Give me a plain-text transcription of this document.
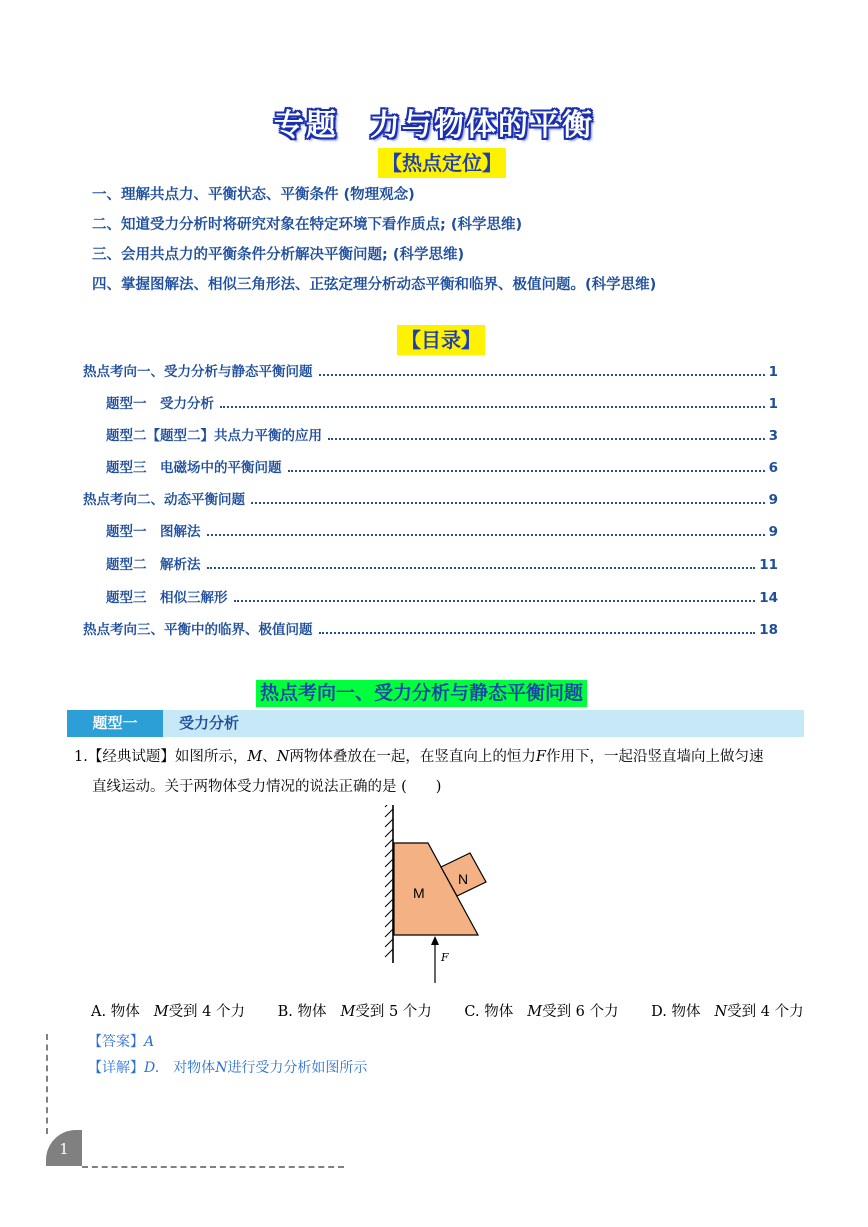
专题　力与物体的平衡
【热点定位】
一、理解共点力、平衡状态、平衡条件 (物理观念)
二、知道受力分析时将研究对象在特定环境下看作质点; (科学思维)
三、会用共点力的平衡条件分析解决平衡问题; (科学思维)
四、掌握图解法、相似三角形法、正弦定理分析动态平衡和临界、极值问题。(科学思维)
【目录】
热点考向一、受力分析与静态平衡问题	1
题型一　受力分析	1
题型二【题型二】共点力平衡的应用	3
题型三　电磁场中的平衡问题	6
热点考向二、动态平衡问题	9
题型一　图解法	9
题型二　解析法	11
题型三　相似三解形	14
热点考向三、平衡中的临界、极值问题	18
热点考向一、受力分析与静态平衡问题
题型一	受力分析
1.【经典试题】如图所示，M、N两物体叠放在一起，在竖直向上的恒力F作用下，一起沿竖直墙向上做匀速
直线运动。关于两物体受力情况的说法正确的是 (　　)
M
N
F
A. 物体 M受到 4 个力 B. 物体 M受到 5 个力 C. 物体 M受到 6 个力 D. 物体 N受到 4 个力
【答案】A
【详解】D.　对物体N进行受力分析如图所示
1
